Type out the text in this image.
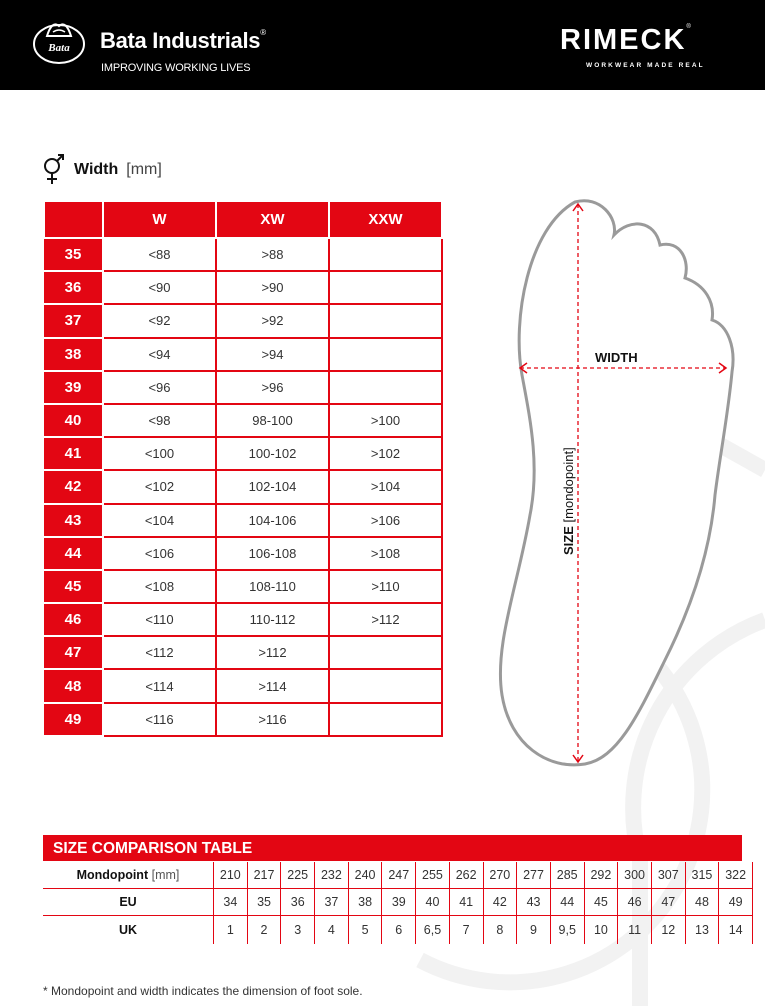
Bata Bata Industrials®
IMPROVING WORKING LIVES
RIMECK®
WORKWEAR MADE REAL
Width [mm]
	W	XW	XXW
35	<88	>88	
36	<90	>90	
37	<92	>92	
38	<94	>94	
39	<96	>96	
40	<98	98-100	>100
41	<100	100-102	>102
42	<102	102-104	>104
43	<104	104-106	>106
44	<106	106-108	>108
45	<108	108-110	>110
46	<110	110-112	>112
47	<112	>112	
48	<114	>114	
49	<116	>116	
WIDTH
SIZE [mondopoint]
SIZE COMPARISON TABLE
Mondopoint [mm]	210	217	225	232	240	247	255	262	270	277	285	292	300	307	315	322
EU	34	35	36	37	38	39	40	41	42	43	44	45	46	47	48	49
UK	1	2	3	4	5	6	6,5	7	8	9	9,5	10	11	12	13	14
* Mondopoint and width indicates the dimension of foot sole.
